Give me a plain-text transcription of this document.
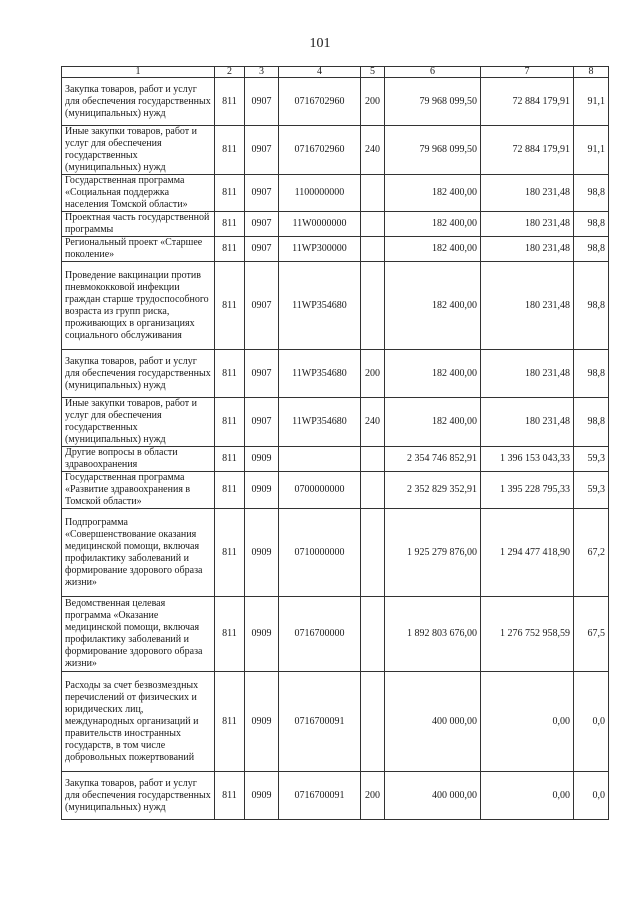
101
1	2	3	4	5	6	7	8
Закупка товаров, работ и услуг для обеспечения государственных (муниципальных) нужд	811	0907	0716702960	200	79 968 099,50	72 884 179,91	91,1
Иные закупки товаров, работ и услуг для обеспечения государственных (муниципальных) нужд	811	0907	0716702960	240	79 968 099,50	72 884 179,91	91,1
Государственная программа «Социальная поддержка населения Томской области»	811	0907	1100000000		182 400,00	180 231,48	98,8
Проектная часть государственной программы	811	0907	11W0000000		182 400,00	180 231,48	98,8
Региональный проект «Старшее поколение»	811	0907	11WP300000		182 400,00	180 231,48	98,8
Проведение вакцинации против пневмококковой инфекции граждан старше трудоспособного возраста из групп риска, проживающих в организациях социального обслуживания	811	0907	11WP354680		182 400,00	180 231,48	98,8
Закупка товаров, работ и услуг для обеспечения государственных (муниципальных) нужд	811	0907	11WP354680	200	182 400,00	180 231,48	98,8
Иные закупки товаров, работ и услуг для обеспечения государственных (муниципальных) нужд	811	0907	11WP354680	240	182 400,00	180 231,48	98,8
Другие вопросы в области здравоохранения	811	0909			2 354 746 852,91	1 396 153 043,33	59,3
Государственная программа «Развитие здравоохранения в Томской области»	811	0909	0700000000		2 352 829 352,91	1 395 228 795,33	59,3
Подпрограмма «Совершенствование оказания медицинской помощи, включая профилактику заболеваний и формирование здорового образа жизни»	811	0909	0710000000		1 925 279 876,00	1 294 477 418,90	67,2
Ведомственная целевая программа «Оказание медицинской помощи, включая профилактику заболеваний и формирование здорового образа жизни»	811	0909	0716700000		1 892 803 676,00	1 276 752 958,59	67,5
Расходы за счет безвозмездных перечислений от физических и юридических лиц, международных организаций и правительств иностранных государств, в том числе добровольных пожертвований	811	0909	0716700091		400 000,00	0,00	0,0
Закупка товаров, работ и услуг для обеспечения государственных (муниципальных) нужд	811	0909	0716700091	200	400 000,00	0,00	0,0
